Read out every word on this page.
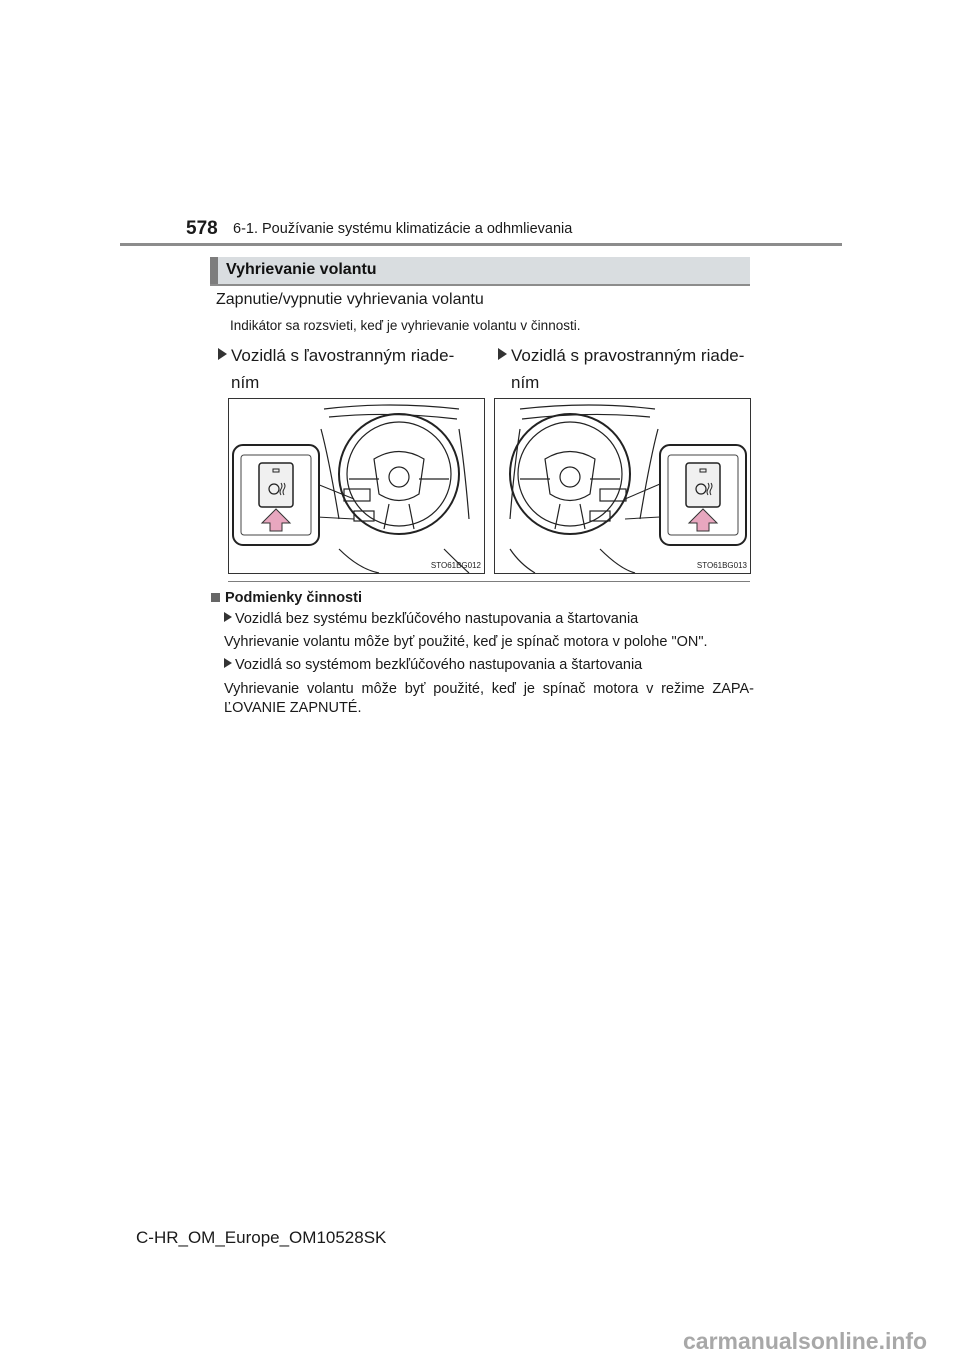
578 6-1. Používanie systému klimatizácie a odhmlievania
Vyhrievanie volantu
Zapnutie/vypnutie vyhrievania volantu
Indikátor sa rozsvieti, keď je vyhrievanie volantu v činnosti.
Vozidlá s ľavostranným riade-
ním
Vozidlá s pravostranným riade-
ním
STO61BG012	STO61BG013
Podmienky činnosti
Vozidlá bez systému bezkľúčového nastupovania a štartovania
Vyhrievanie volantu môže byť použité, keď je spínač motora v polohe "ON".
Vozidlá so systémom bezkľúčového nastupovania a štartovania
Vyhrievanie volantu môže byť použité, keď je spínač motora v režime ZAPA-ĽOVANIE ZAPNUTÉ.
C-HR_OM_Europe_OM10528SK
carmanualsonline.info
